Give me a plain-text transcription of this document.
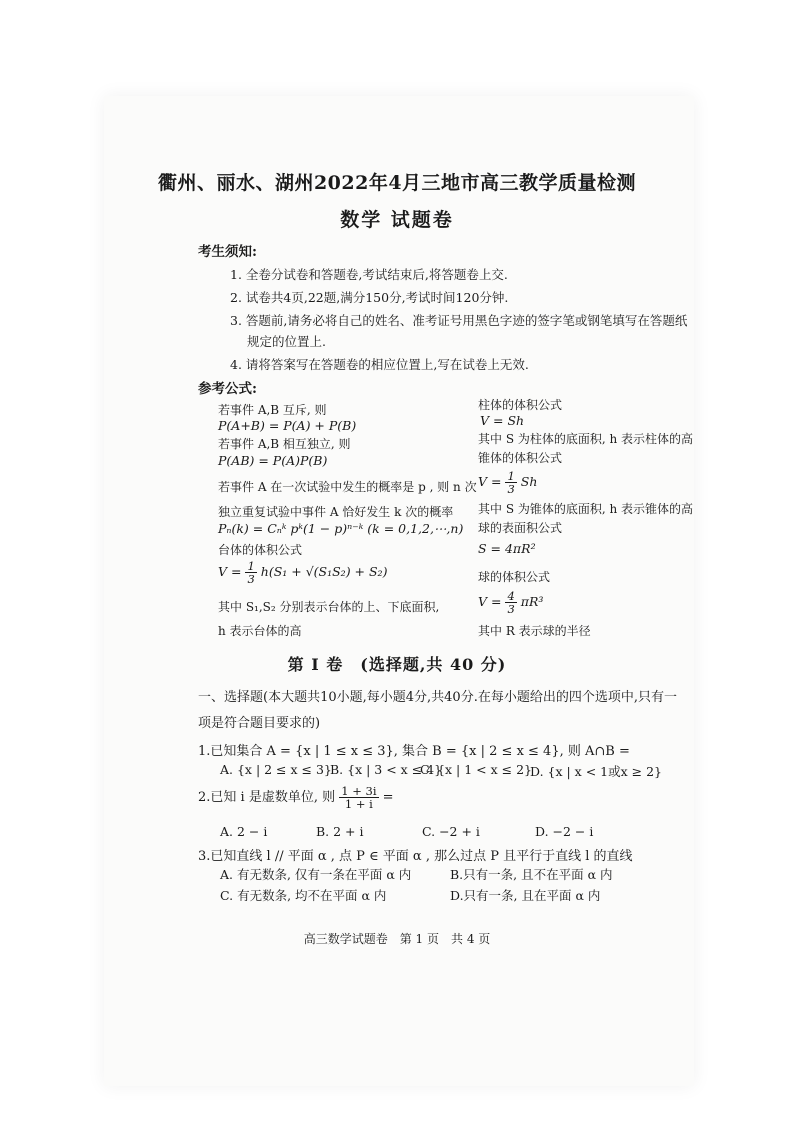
衢州、丽水、湖州2022年4月三地市高三教学质量检测
数学 试题卷
考生须知:
1. 全卷分试卷和答题卷,考试结束后,将答题卷上交.
2. 试卷共4页,22题,满分150分,考试时间120分钟.
3. 答题前,请务必将自己的姓名、准考证号用黑色字迹的签字笔或钢笔填写在答题纸
规定的位置上.
4. 请将答案写在答题卷的相应位置上,写在试卷上无效.
参考公式:
若事件 A,B 互斥, 则
P(A+B) = P(A) + P(B)
若事件 A,B 相互独立, 则
P(AB) = P(A)P(B)
若事件 A 在一次试验中发生的概率是 p , 则 n 次
独立重复试验中事件 A 恰好发生 k 次的概率
Pₙ(k) = Cₙᵏ pᵏ(1 − p)ⁿ⁻ᵏ (k = 0,1,2,⋯,n)
台体的体积公式
$V = \frac{1}{3} h(S_1 + √(S_1S_2) + S_2)$
其中 S₁,S₂ 分别表示台体的上、下底面积,
h 表示台体的高
柱体的体积公式
V = Sh
其中 S 为柱体的底面积, h 表示柱体的高
锥体的体积公式
$V = \frac{1}{3}$ Sh
其中 S 为锥体的底面积, h 表示锥体的高
球的表面积公式
S = 4πR²
球的体积公式
$V = \frac{4}{3} \pi R^3$
其中 R 表示球的半径
第 Ⅰ 卷　(选择题,共 40 分)
一、选择题(本大题共10小题,每小题4分,共40分.在每小题给出的四个选项中,只有一
项是符合题目要求的)
1.已知集合 A = {x | 1 ≤ x ≤ 3}, 集合 B = {x | 2 ≤ x ≤ 4}, 则 A∩B =
A. {x | 2 ≤ x ≤ 3}
B. {x | 3 < x ≤ 4}
C. {x | 1 < x ≤ 2}
D. {x | x < 1或x ≥ 2}
2.已知 i 是虚数单位, 则 $\frac{1 + 3i}{1 + i}$ =
A. 2 − i	B. 2 + i	C. −2 + i	D. −2 − i
3.已知直线 l // 平面 α , 点 P ∈ 平面 α , 那么过点 P 且平行于直线 l 的直线
A. 有无数条, 仅有一条在平面 α 内	B.只有一条, 且不在平面 α 内
C. 有无数条, 均不在平面 α 内	D.只有一条, 且在平面 α 内
高三数学试题卷　第 1 页　共 4 页
